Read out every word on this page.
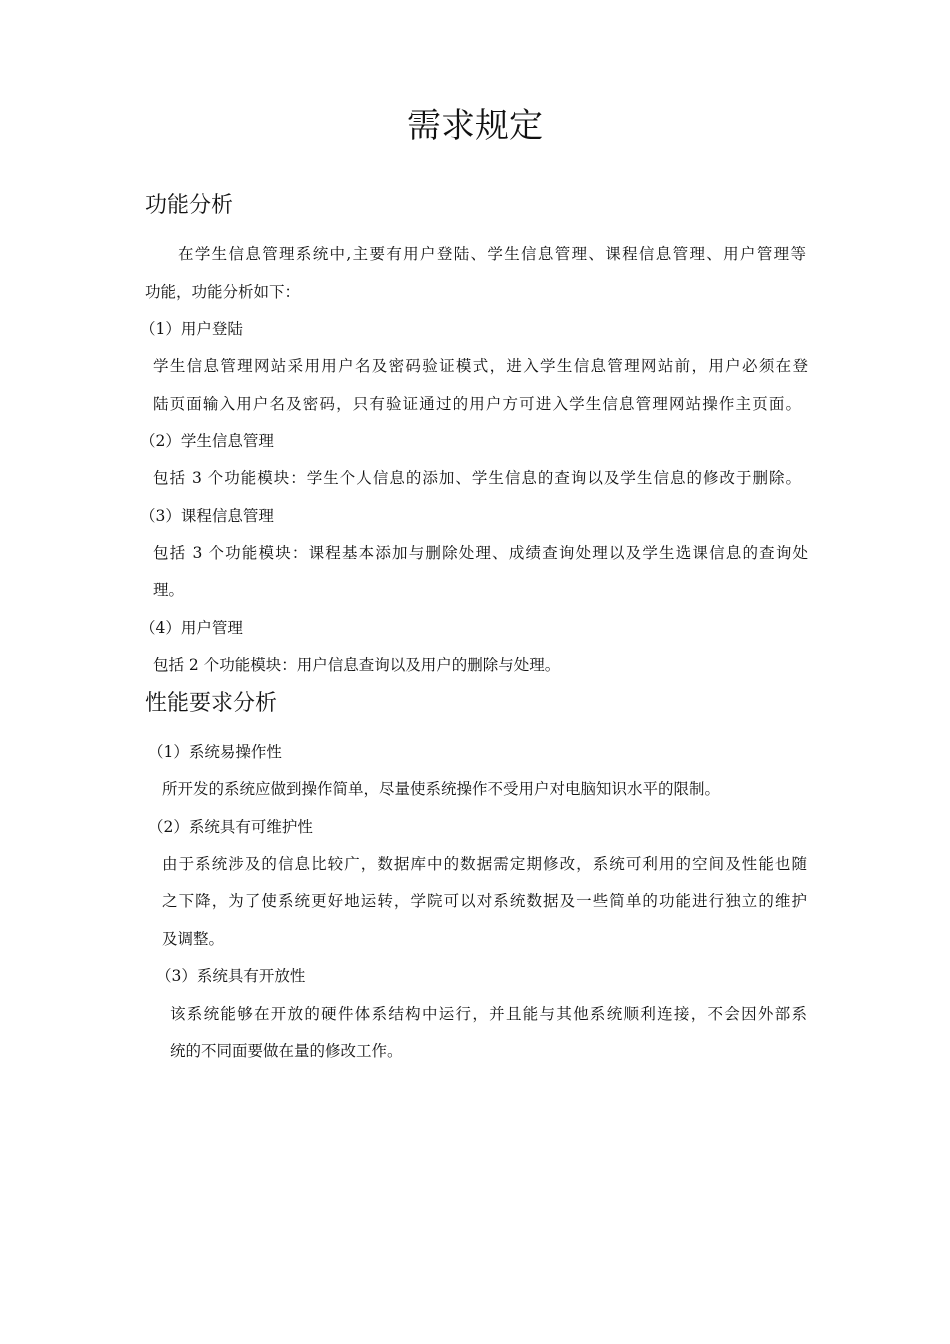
需求规定
功能分析

在学生信息管理系统中,主要有用户登陆、学生信息管理、课程信息管理、用户管理等

功能，功能分析如下：

（1）用户登陆

学生信息管理网站采用用户名及密码验证模式，进入学生信息管理网站前，用户必须在登

陆页面输入用户名及密码，只有验证通过的用户方可进入学生信息管理网站操作主页面。

（2）学生信息管理

包括 3 个功能模块：学生个人信息的添加、学生信息的查询以及学生信息的修改于删除。

（3）课程信息管理

包括 3 个功能模块：课程基本添加与删除处理、成绩查询处理以及学生选课信息的查询处

理。

（4）用户管理

包括 2 个功能模块：用户信息查询以及用户的删除与处理。

性能要求分析

（1）系统易操作性

所开发的系统应做到操作简单，尽量使系统操作不受用户对电脑知识水平的限制。

（2）系统具有可维护性

由于系统涉及的信息比较广，数据库中的数据需定期修改，系统可利用的空间及性能也随

之下降，为了使系统更好地运转，学院可以对系统数据及一些简单的功能进行独立的维护

及调整。

（3）系统具有开放性

该系统能够在开放的硬件体系结构中运行，并且能与其他系统顺利连接，不会因外部系

统的不同面要做在量的修改工作。
